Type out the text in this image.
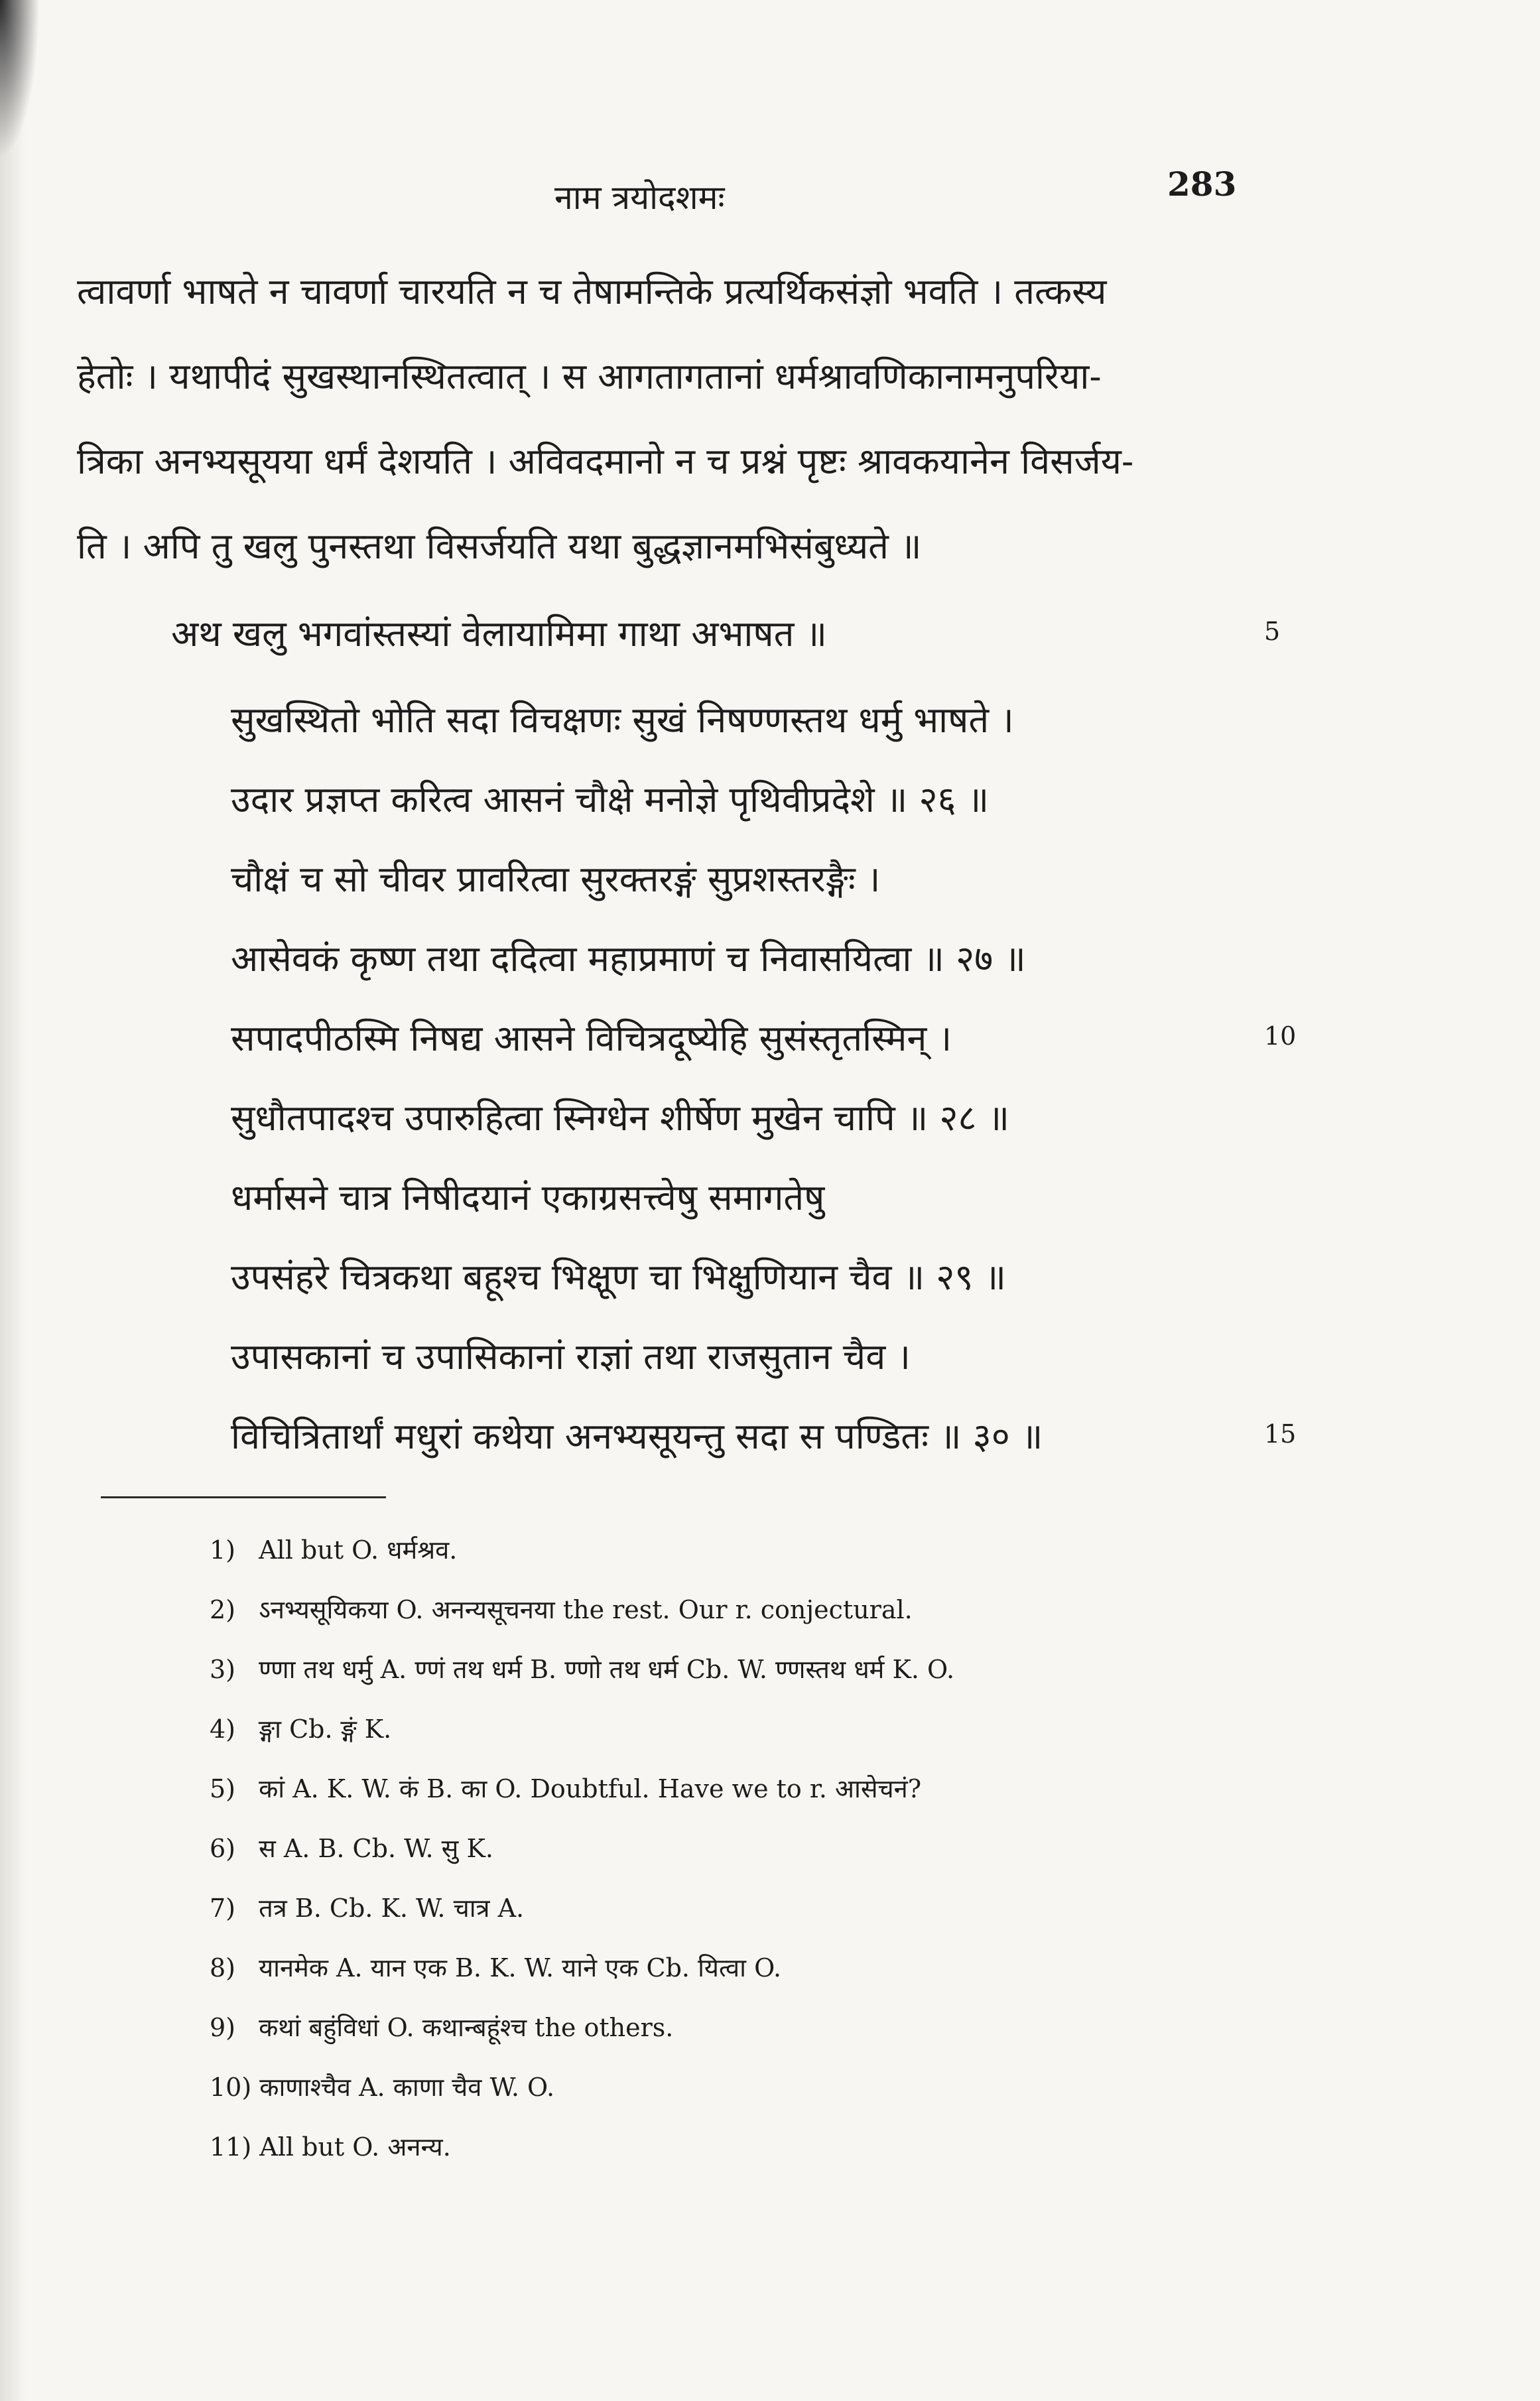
नाम त्रयोदशमः	283
त्वावर्णा भाषते न चावर्णा चारयति न च तेषामन्तिके प्रत्यर्थिकसंज्ञो भवति । तत्कस्य
हेतोः । यथापीदं सुखस्थानस्थितत्वात् । स आगतागतानां धर्मश्रावणिकानामनुपरिया-
त्रिका अनभ्यसूयया धर्मं देशयति । अविवदमानो न च प्रश्नं पृष्टः श्रावकयानेन विसर्जय-
ति । अपि तु खलु पुनस्तथा विसर्जयति यथा बुद्धज्ञानमभिसंबुध्यते ॥
अथ खलु भगवांस्तस्यां वेलायामिमा गाथा अभाषत ॥	5
सुखस्थितो भोति सदा विचक्षणः सुखं निषण्णस्तथ धर्मु भाषते ।
उदार प्रज्ञप्त करित्व आसनं चौक्षे मनोज्ञे पृथिवीप्रदेशे ॥ २६ ॥
चौक्षं च सो चीवर प्रावरित्वा सुरक्तरङ्गं सुप्रशस्तरङ्गैः ।
आसेवकं कृष्ण तथा ददित्वा महाप्रमाणं च निवासयित्वा ॥ २७ ॥
सपादपीठस्मि निषद्य आसने विचित्रदूष्येहि सुसंस्तृतस्मिन् ।	10
सुधौतपादश्च उपारुहित्वा स्निग्धेन शीर्षेण मुखेन चापि ॥ २८ ॥
धर्मासने चात्र निषीदयानं एकाग्रसत्त्वेषु समागतेषु
उपसंहरे चित्रकथा बहूश्च भिक्षूण चा भिक्षुणियान चैव ॥ २९ ॥
उपासकानां च उपासिकानां राज्ञां तथा राजसुतान चैव ।
विचित्रितार्थां मधुरां कथेया अनभ्यसूयन्तु सदा स पण्डितः ॥ ३० ॥	15
1) All but O. धर्मश्रव.
2) ऽनभ्यसूयिकया O. अनन्यसूचनया the rest. Our r. conjectural.
3) ण्णा तथ धर्मु A. ण्णं तथ धर्म B. ण्णो तथ धर्म Cb. W. ण्णस्तथ धर्म K. O.
4) ङ्गा Cb. ङ्गं K.
5) कां A. K. W. कं B. का O. Doubtful. Have we to r. आसेचनं?
6) स A. B. Cb. W. सु K.
7) तत्र B. Cb. K. W. चात्र A.
8) यानमेक A. यान एक B. K. W. याने एक Cb. यित्वा O.
9) कथां बहुंविधां O. कथान्बहूंश्च the others.
10) काणाश्चैव A. काणा चैव W. O.
11) All but O. अनन्य.
